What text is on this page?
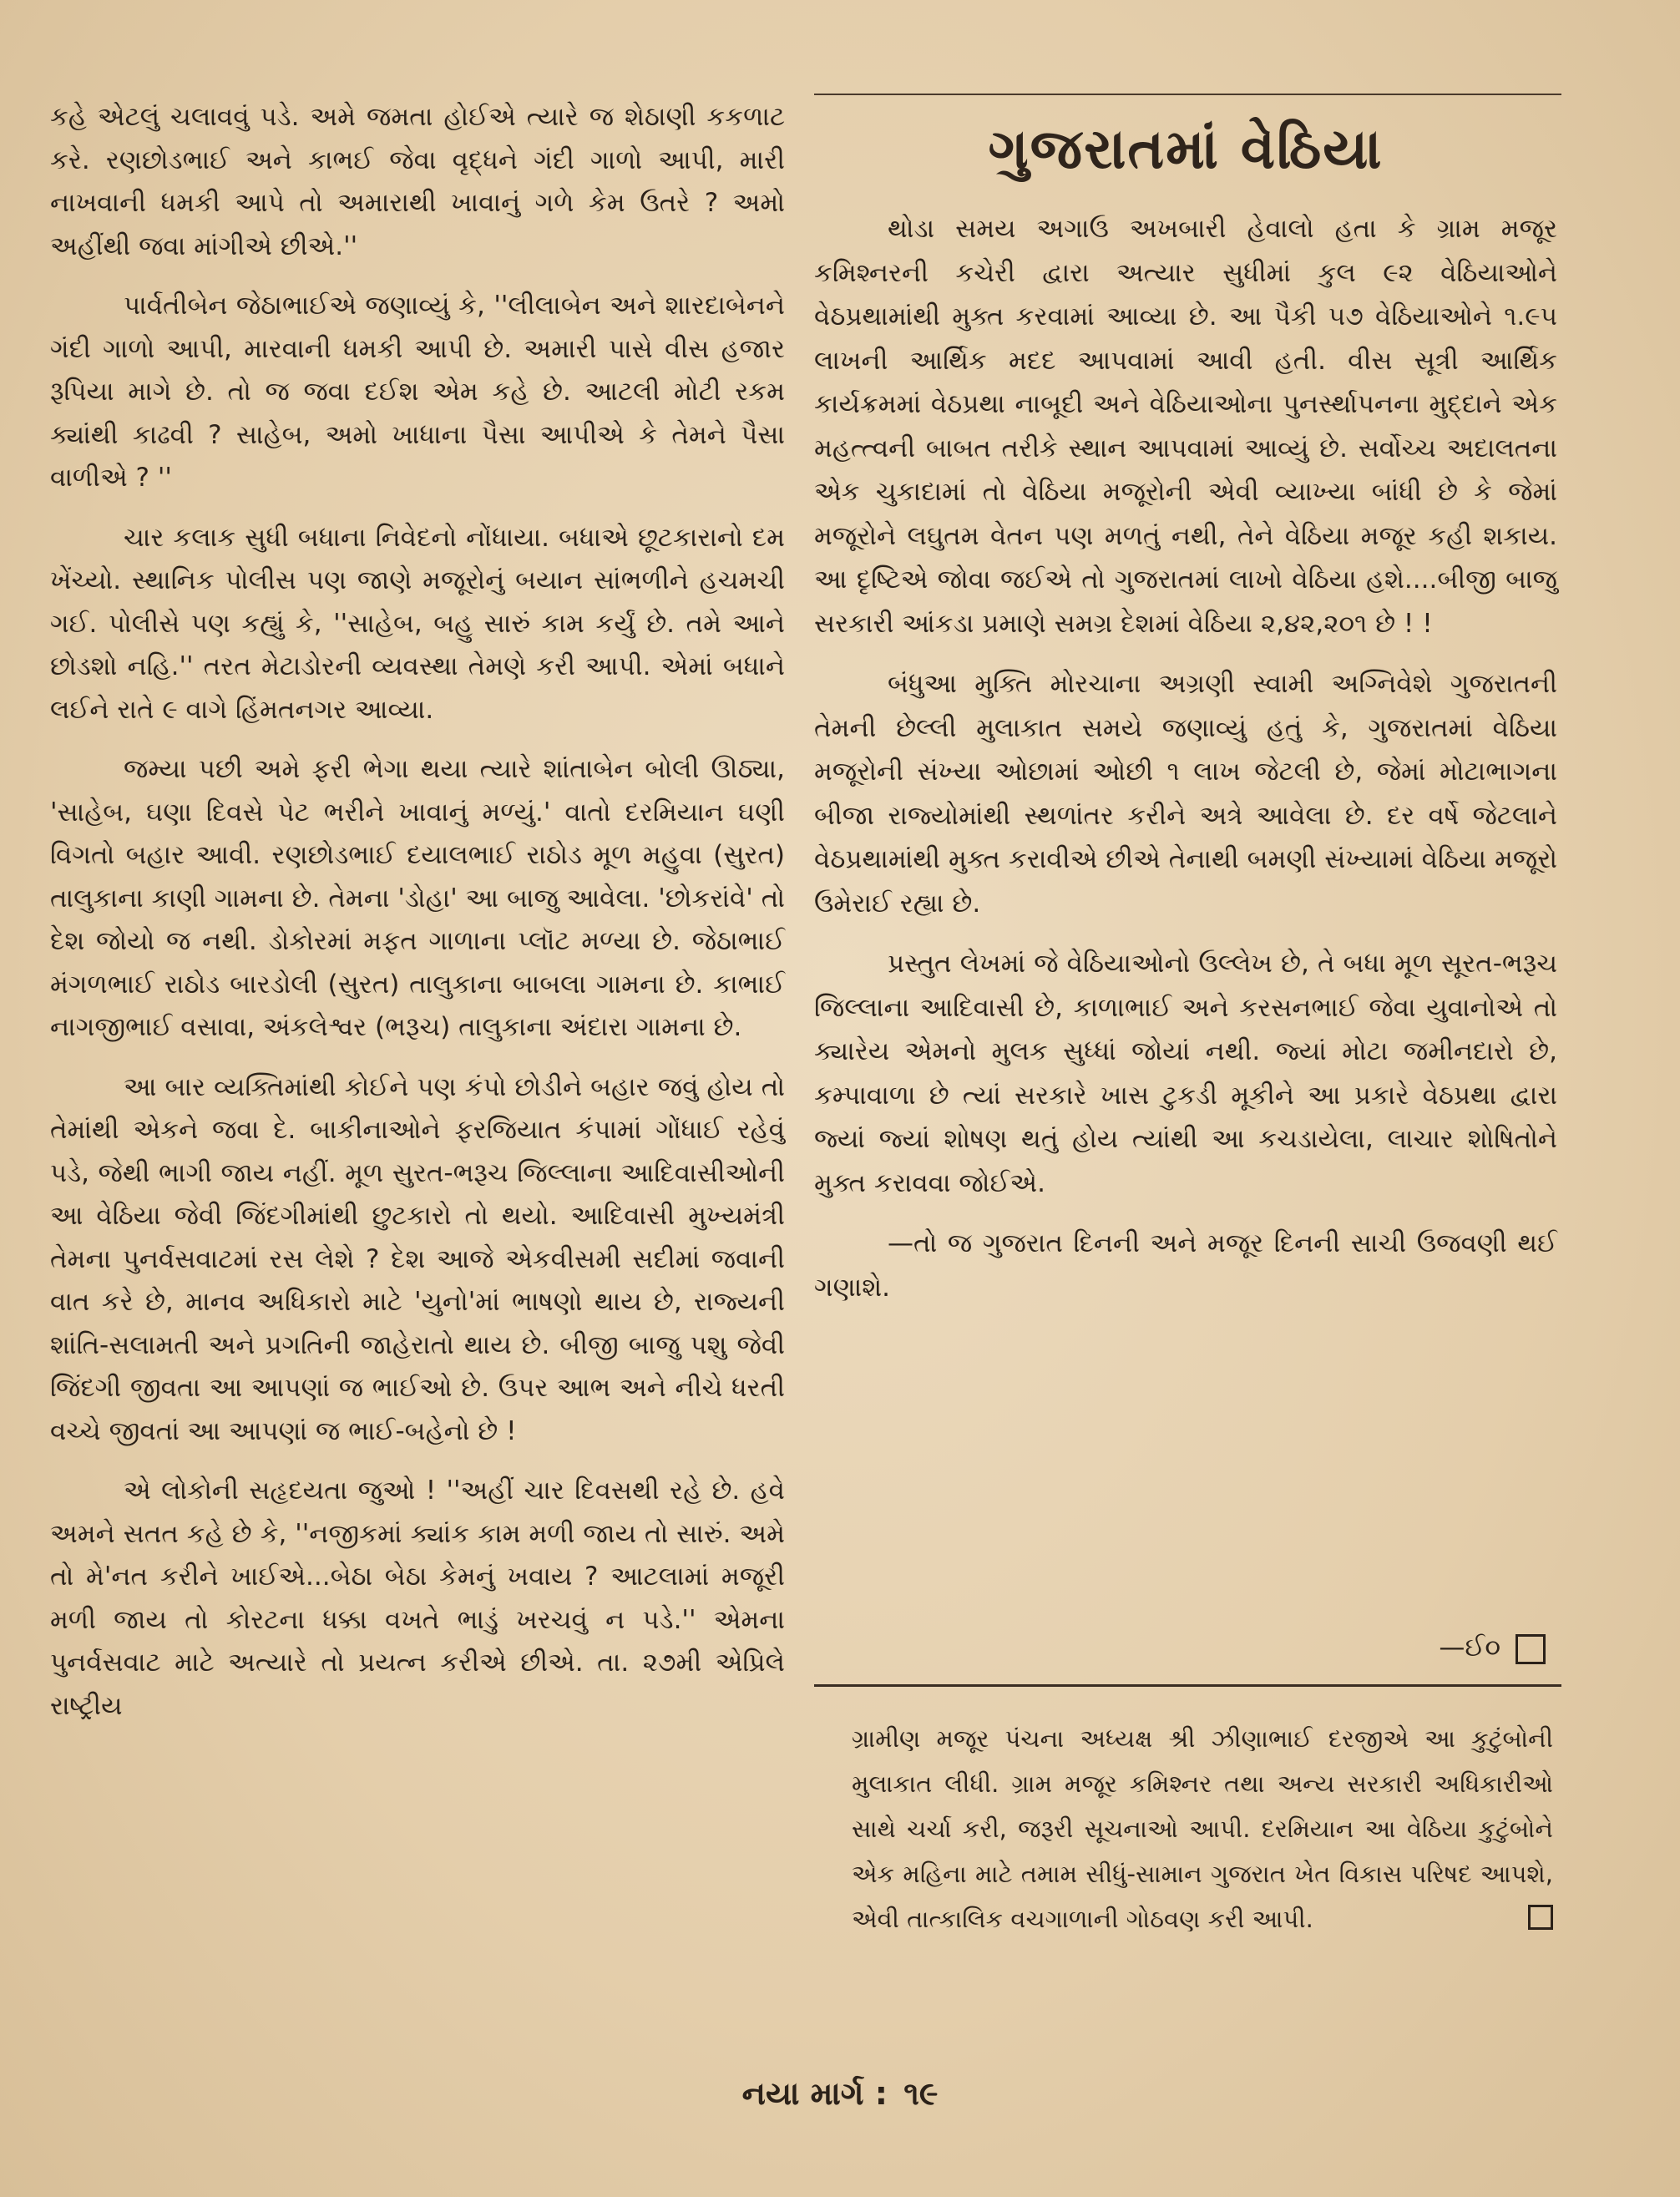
કહે એટલું ચલાવવું પડે. અમે જમતા હોઈએ ત્યારે જ શેઠાણી કકળાટ કરે. રણછોડભાઈ અને કાભઈ જેવા વૃદ્ધને ગંદી ગાળો આપી, મારી નાખવાની ધમકી આપે તો અમારાથી ખાવાનું ગળે કેમ ઉતરે ? અમો અહીંથી જવા માંગીએ છીએ.''

પાર્વતીબેન જેઠાભાઈએ જણાવ્યું કે, ''લીલાબેન અને શારદાબેનને ગંદી ગાળો આપી, મારવાની ધમકી આપી છે. અમારી પાસે વીસ હજાર રૂપિયા માગે છે. તો જ જવા દઈશ એમ કહે છે. આટલી મોટી રકમ ક્યાંથી કાઢવી ? સાહેબ, અમો ખાધાના પૈસા આપીએ કે તેમને પૈસા વાળીએ ? ''

ચાર કલાક સુધી બધાના નિવેદનો નોંધાયા. બધાએ છૂટકારાનો દમ ખેંચ્યો. સ્થાનિક પોલીસ પણ જાણે મજૂરોનું બયાન સાંભળીને હચમચી ગઈ. પોલીસે પણ કહ્યું કે, ''સાહેબ, બહુ સારું કામ કર્યું છે. તમે આને છોડશો નહિ.'' તરત મેટાડોરની વ્યવસ્થા તેમણે કરી આપી. એમાં બધાને લઈને રાતે ૯ વાગે હિંમતનગર આવ્યા.

જમ્યા પછી અમે ફરી ભેગા થયા ત્યારે શાંતાબેન બોલી ઊઠ્યા, 'સાહેબ, ઘણા દિવસે પેટ ભરીને ખાવાનું મળ્યું.' વાતો દરમિયાન ઘણી વિગતો બહાર આવી. રણછોડભાઈ દયાલભાઈ રાઠોડ મૂળ મહુવા (સુરત) તાલુકાના કાણી ગામના છે. તેમના 'ડોહા' આ બાજુ આવેલા. 'છોકરાંવે' તો દેશ જોયો જ નથી. ડોકોરમાં મફત ગાળાના પ્લૉટ મળ્યા છે. જેઠાભાઈ મંગળભાઈ રાઠોડ બારડોલી (સુરત) તાલુકાના બાબલા ગામના છે. કાભાઈ નાગજીભાઈ વસાવા, અંકલેશ્વર (ભરૂચ) તાલુકાના અંદારા ગામના છે.

આ બાર વ્યક્તિમાંથી કોઈને પણ કંપો છોડીને બહાર જવું હોય તો તેમાંથી એકને જવા દે. બાકીનાઓને ફરજિયાત કંપામાં ગોંધાઈ રહેવું પડે, જેથી ભાગી જાય નહીં. મૂળ સુરત-ભરૂચ જિલ્લાના આદિવાસીઓની આ વેઠિયા જેવી જિંદગીમાંથી છુટકારો તો થયો. આદિવાસી મુખ્યમંત્રી તેમના પુનર્વસવાટમાં રસ લેશે ? દેશ આજે એકવીસમી સદીમાં જવાની વાત કરે છે, માનવ અધિકારો માટે 'યુનો'માં ભાષણો થાય છે, રાજ્યની શાંતિ-સલામતી અને પ્રગતિની જાહેરાતો થાય છે. બીજી બાજુ પશુ જેવી જિંદગી જીવતા આ આપણાં જ ભાઈઓ છે. ઉપર આભ અને નીચે ધરતી વચ્ચે જીવતાં આ આપણાં જ ભાઈ-બહેનો છે !

એ લોકોની સહૃદયતા જુઓ ! ''અહીં ચાર દિવસથી રહે છે. હવે અમને સતત કહે છે કે, ''નજીકમાં ક્યાંક કામ મળી જાય તો સારું. અમે તો મે'નત કરીને ખાઈએ...બેઠા બેઠા કેમનું ખવાય ? આટલામાં મજૂરી મળી જાય તો કોરટના ધક્કા વખતે ભાડું ખરચવું ન પડે.'' એમના પુનર્વસવાટ માટે અત્યારે તો પ્રયત્ન કરીએ છીએ. તા. ૨૭મી એપ્રિલે રાષ્ટ્રીય

ગુજરાતમાં વેઠિયા

થોડા સમય અગાઉ અખબારી હેવાલો હતા કે ગ્રામ મજૂર કમિશ્નરની કચેરી દ્વારા અત્યાર સુધીમાં કુલ ૯૨ વેઠિયાઓને વેઠપ્રથામાંથી મુક્ત કરવામાં આવ્યા છે. આ પૈકી ૫૭ વેઠિયાઓને ૧.૯૫ લાખની આર્થિક મદદ આપવામાં આવી હતી. વીસ સૂત્રી આર્થિક કાર્યક્રમમાં વેઠપ્રથા નાબૂદી અને વેઠિયાઓના પુનર્સ્થાપનના મુદ્દાને એક મહત્ત્વની બાબત તરીકે સ્થાન આપવામાં આવ્યું છે. સર્વોચ્ચ અદાલતના એક ચુકાદામાં તો વેઠિયા મજૂરોની એવી વ્યાખ્યા બાંધી છે કે જેમાં મજૂરોને લઘુતમ વેતન પણ મળતું નથી, તેને વેઠિયા મજૂર કહી શકાય. આ દૃષ્ટિએ જોવા જઈએ તો ગુજરાતમાં લાખો વેઠિયા હશે....બીજી બાજુ સરકારી આંકડા પ્રમાણે સમગ્ર દેશમાં વેઠિયા ૨,૪૨,૨૦૧ છે ! !

બંધુઆ મુક્તિ મોરચાના અગ્રણી સ્વામી અગ્નિવેશે ગુજરાતની તેમની છેલ્લી મુલાકાત સમયે જણાવ્યું હતું કે, ગુજરાતમાં વેઠિયા મજૂરોની સંખ્યા ઓછામાં ઓછી ૧ લાખ જેટલી છે, જેમાં મોટાભાગના બીજા રાજ્યોમાંથી સ્થળાંતર કરીને અત્રે આવેલા છે. દર વર્ષે જેટલાને વેઠપ્રથામાંથી મુક્ત કરાવીએ છીએ તેનાથી બમણી સંખ્યામાં વેઠિયા મજૂરો ઉમેરાઈ રહ્યા છે.

પ્રસ્તુત લેખમાં જે વેઠિયાઓનો ઉલ્લેખ છે, તે બધા મૂળ સૂરત-ભરૂચ જિલ્લાના આદિવાસી છે, કાળાભાઈ અને કરસનભાઈ જેવા યુવાનોએ તો ક્યારેય એમનો મુલક સુધ્ધાં જોયાં નથી. જ્યાં મોટા જમીનદારો છે, કમ્પાવાળા છે ત્યાં સરકારે ખાસ ટુકડી મૂકીને આ પ્રકારે વેઠપ્રથા દ્વારા જ્યાં જ્યાં શોષણ થતું હોય ત્યાંથી આ કચડાયેલા, લાચાર શોષિતોને મુક્ત કરાવવા જોઈએ.

—તો જ ગુજરાત દિનની અને મજૂર દિનની સાચી ઉજવણી થઈ ગણાશે.

—ઈ૦
ગ્રામીણ મજૂર પંચના અધ્યક્ષ શ્રી ઝીણાભાઈ દરજીએ આ કુટુંબોની મુલાકાત લીધી. ગ્રામ મજૂર કમિશ્નર તથા અન્ય સરકારી અધિકારીઓ સાથે ચર્ચા કરી, જરૂરી સૂચનાઓ આપી. દરમિયાન આ વેઠિયા કુટુંબોને એક મહિના માટે તમામ સીધું-સામાન ગુજરાત ખેત વિકાસ પરિષદ આપશે, એવી તાત્કાલિક વચગાળાની ગોઠવણ કરી આપી.
નયા માર્ગ : ૧૯
